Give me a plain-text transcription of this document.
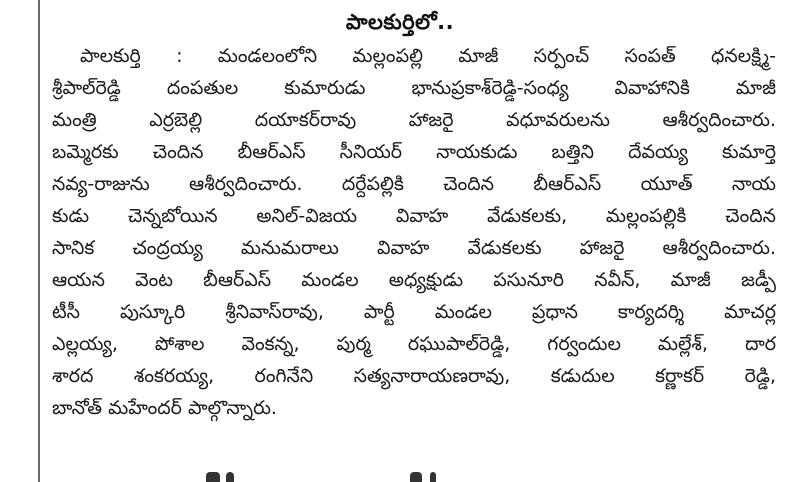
పాలకుర్తిలో..
పాలకుర్తి : మండలంలోని మల్లంపల్లి మాజీ సర్పంచ్ సంపత్ ధనలక్ష్మి-
శ్రీపాల్‌రెడ్డి దంపతుల కుమారుడు భానుప్రకాశ్‌రెడ్డి-సంధ్య వివాహానికి మాజీ
మంత్రి ఎర్రబెల్లి దయాకర్‌రావు హాజరై వధూవరులను ఆశీర్వదించారు.
బమ్మెరకు చెందిన బీఆర్ఎస్ సీనియర్ నాయకుడు బత్తిని దేవయ్య కుమార్తె
నవ్య-రాజును ఆశీర్వదించారు. దర్దేపల్లికి చెందిన బీఆర్ఎస్ యూత్ నాయ
కుడు చెన్నబోయిన అనిల్-విజయ వివాహ వేడుకలకు, మల్లంపల్లికి చెందిన
సానిక చంద్రయ్య మనుమరాలు వివాహ వేడుకలకు హాజరై ఆశీర్వదించారు.
ఆయన వెంట బీఆర్ఎస్ మండల అధ్యక్షుడు పసునూరి నవీన్, మాజీ జడ్పీ
టీసీ పుస్కూరి శ్రీనివాస్‌రావు, పార్టీ మండల ప్రధాన కార్యదర్శి మాచర్ల
ఎల్లయ్య, పోశాల వెంకన్న, పుర్మ రఘుపాల్‌రెడ్డి, గర్వందుల మల్లేశ్, దార
శారద శంకరయ్య, రంగినేని సత్యనారాయణరావు, కడుదుల కర్ణాకర్ రెడ్డి,
బానోత్ మహేందర్ పాల్గొన్నారు.
